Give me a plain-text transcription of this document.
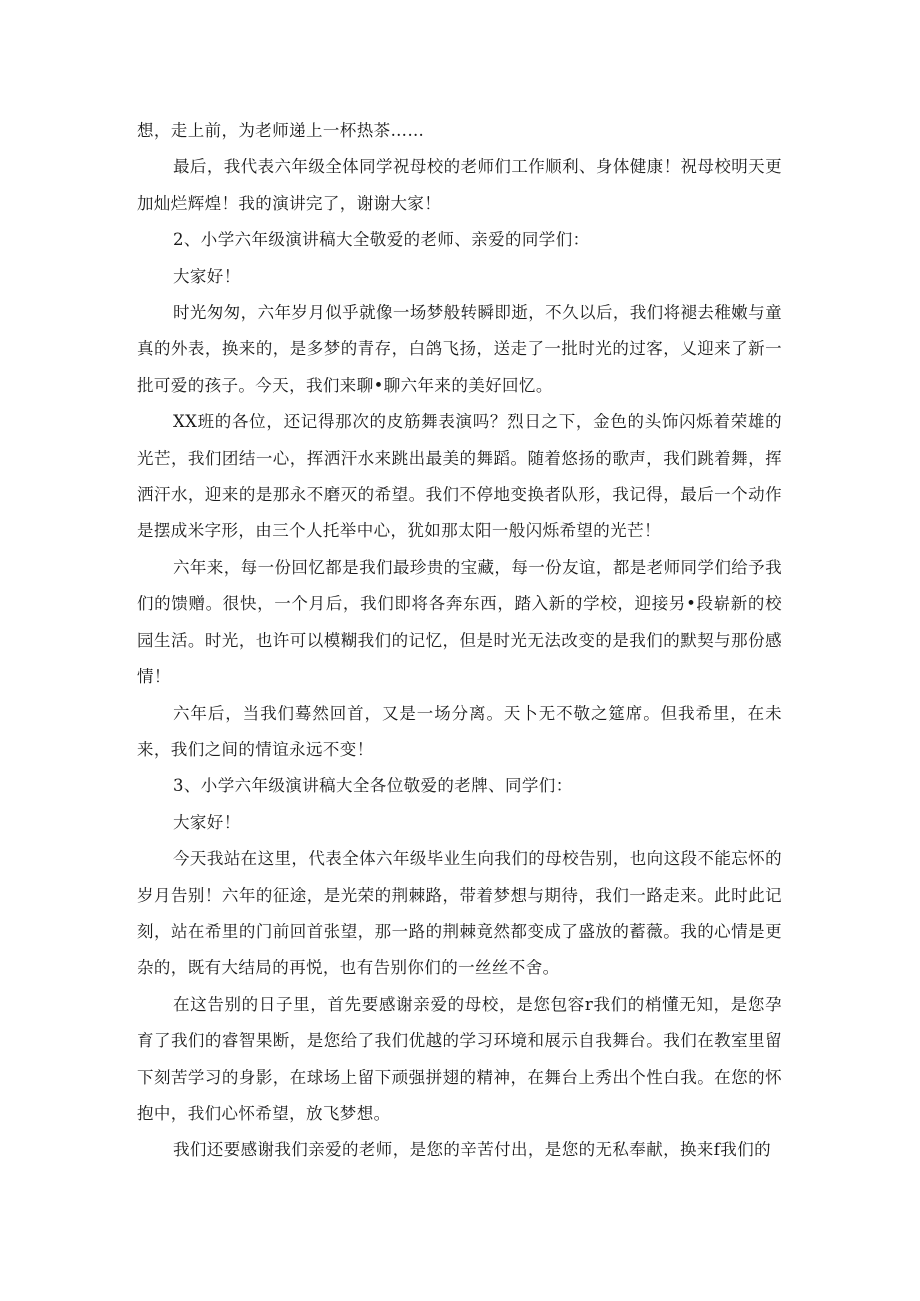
想，走上前，为老师递上一杯热茶……

最后，我代表六年级全体同学祝母校的老师们工作顺利、身体健康！祝母校明天更加灿烂辉煌！我的演讲完了，谢谢大家！

2、小学六年级演讲稿大全敬爱的老师、亲爱的同学们：

大家好！

时光匆匆，六年岁月似乎就像一场梦般转瞬即逝，不久以后，我们将褪去稚嫩与童真的外表，换来的，是多梦的青存，白鸽飞扬，送走了一批时光的过客，乂迎来了新一批可爱的孩子。今天，我们来聊•聊六年来的美好回忆。

XX班的各位，还记得那次的皮筋舞表演吗？烈日之下，金色的头饰闪烁着荣雄的光芒，我们团结一心，挥洒汗水来跳出最美的舞蹈。随着悠扬的歌声，我们跳着舞，挥洒汗水，迎来的是那永不磨灭的希望。我们不停地变换者队形，我记得，最后一个动作是摆成米字形，由三个人托举中心，犹如那太阳一般闪烁希望的光芒！

六年来，每一份回忆都是我们最珍贵的宝藏，每一份友谊，都是老师同学们给予我们的馈赠。很快，一个月后，我们即将各奔东西，踏入新的学校，迎接另•段崭新的校园生活。时光，也许可以模糊我们的记忆，但是时光无法改变的是我们的默契与那份感情！

六年后，当我们蓦然回首，又是一场分离。天卜无不敬之筵席。但我希里，在未来，我们之间的情谊永远不变！

3、小学六年级演讲稿大全各位敬爱的老牌、同学们：

大家好！

今天我站在这里，代表全体六年级毕业生向我们的母校告别，也向这段不能忘怀的岁月告别！六年的征途，是光荣的荆棘路，带着梦想与期待，我们一路走来。此时此记刻，站在希里的门前回首张望，那一路的荆棘竟然都变成了盛放的蓄薇。我的心情是更杂的，既有大结局的再悦，也有告别你们的一丝丝不舍。

在这告别的日子里，首先要感谢亲爱的母校，是您包容r我们的梢懂无知，是您孕育了我们的睿智果断，是您给了我们优越的学习环境和展示自我舞台。我们在教室里留下刻苦学习的身影，在球场上留下顽强拼翅的精神，在舞台上秀出个性白我。在您的怀抱中，我们心怀希望，放飞梦想。

我们还要感谢我们亲爱的老师，是您的辛苦付出，是您的无私奉献，换来f我们的
